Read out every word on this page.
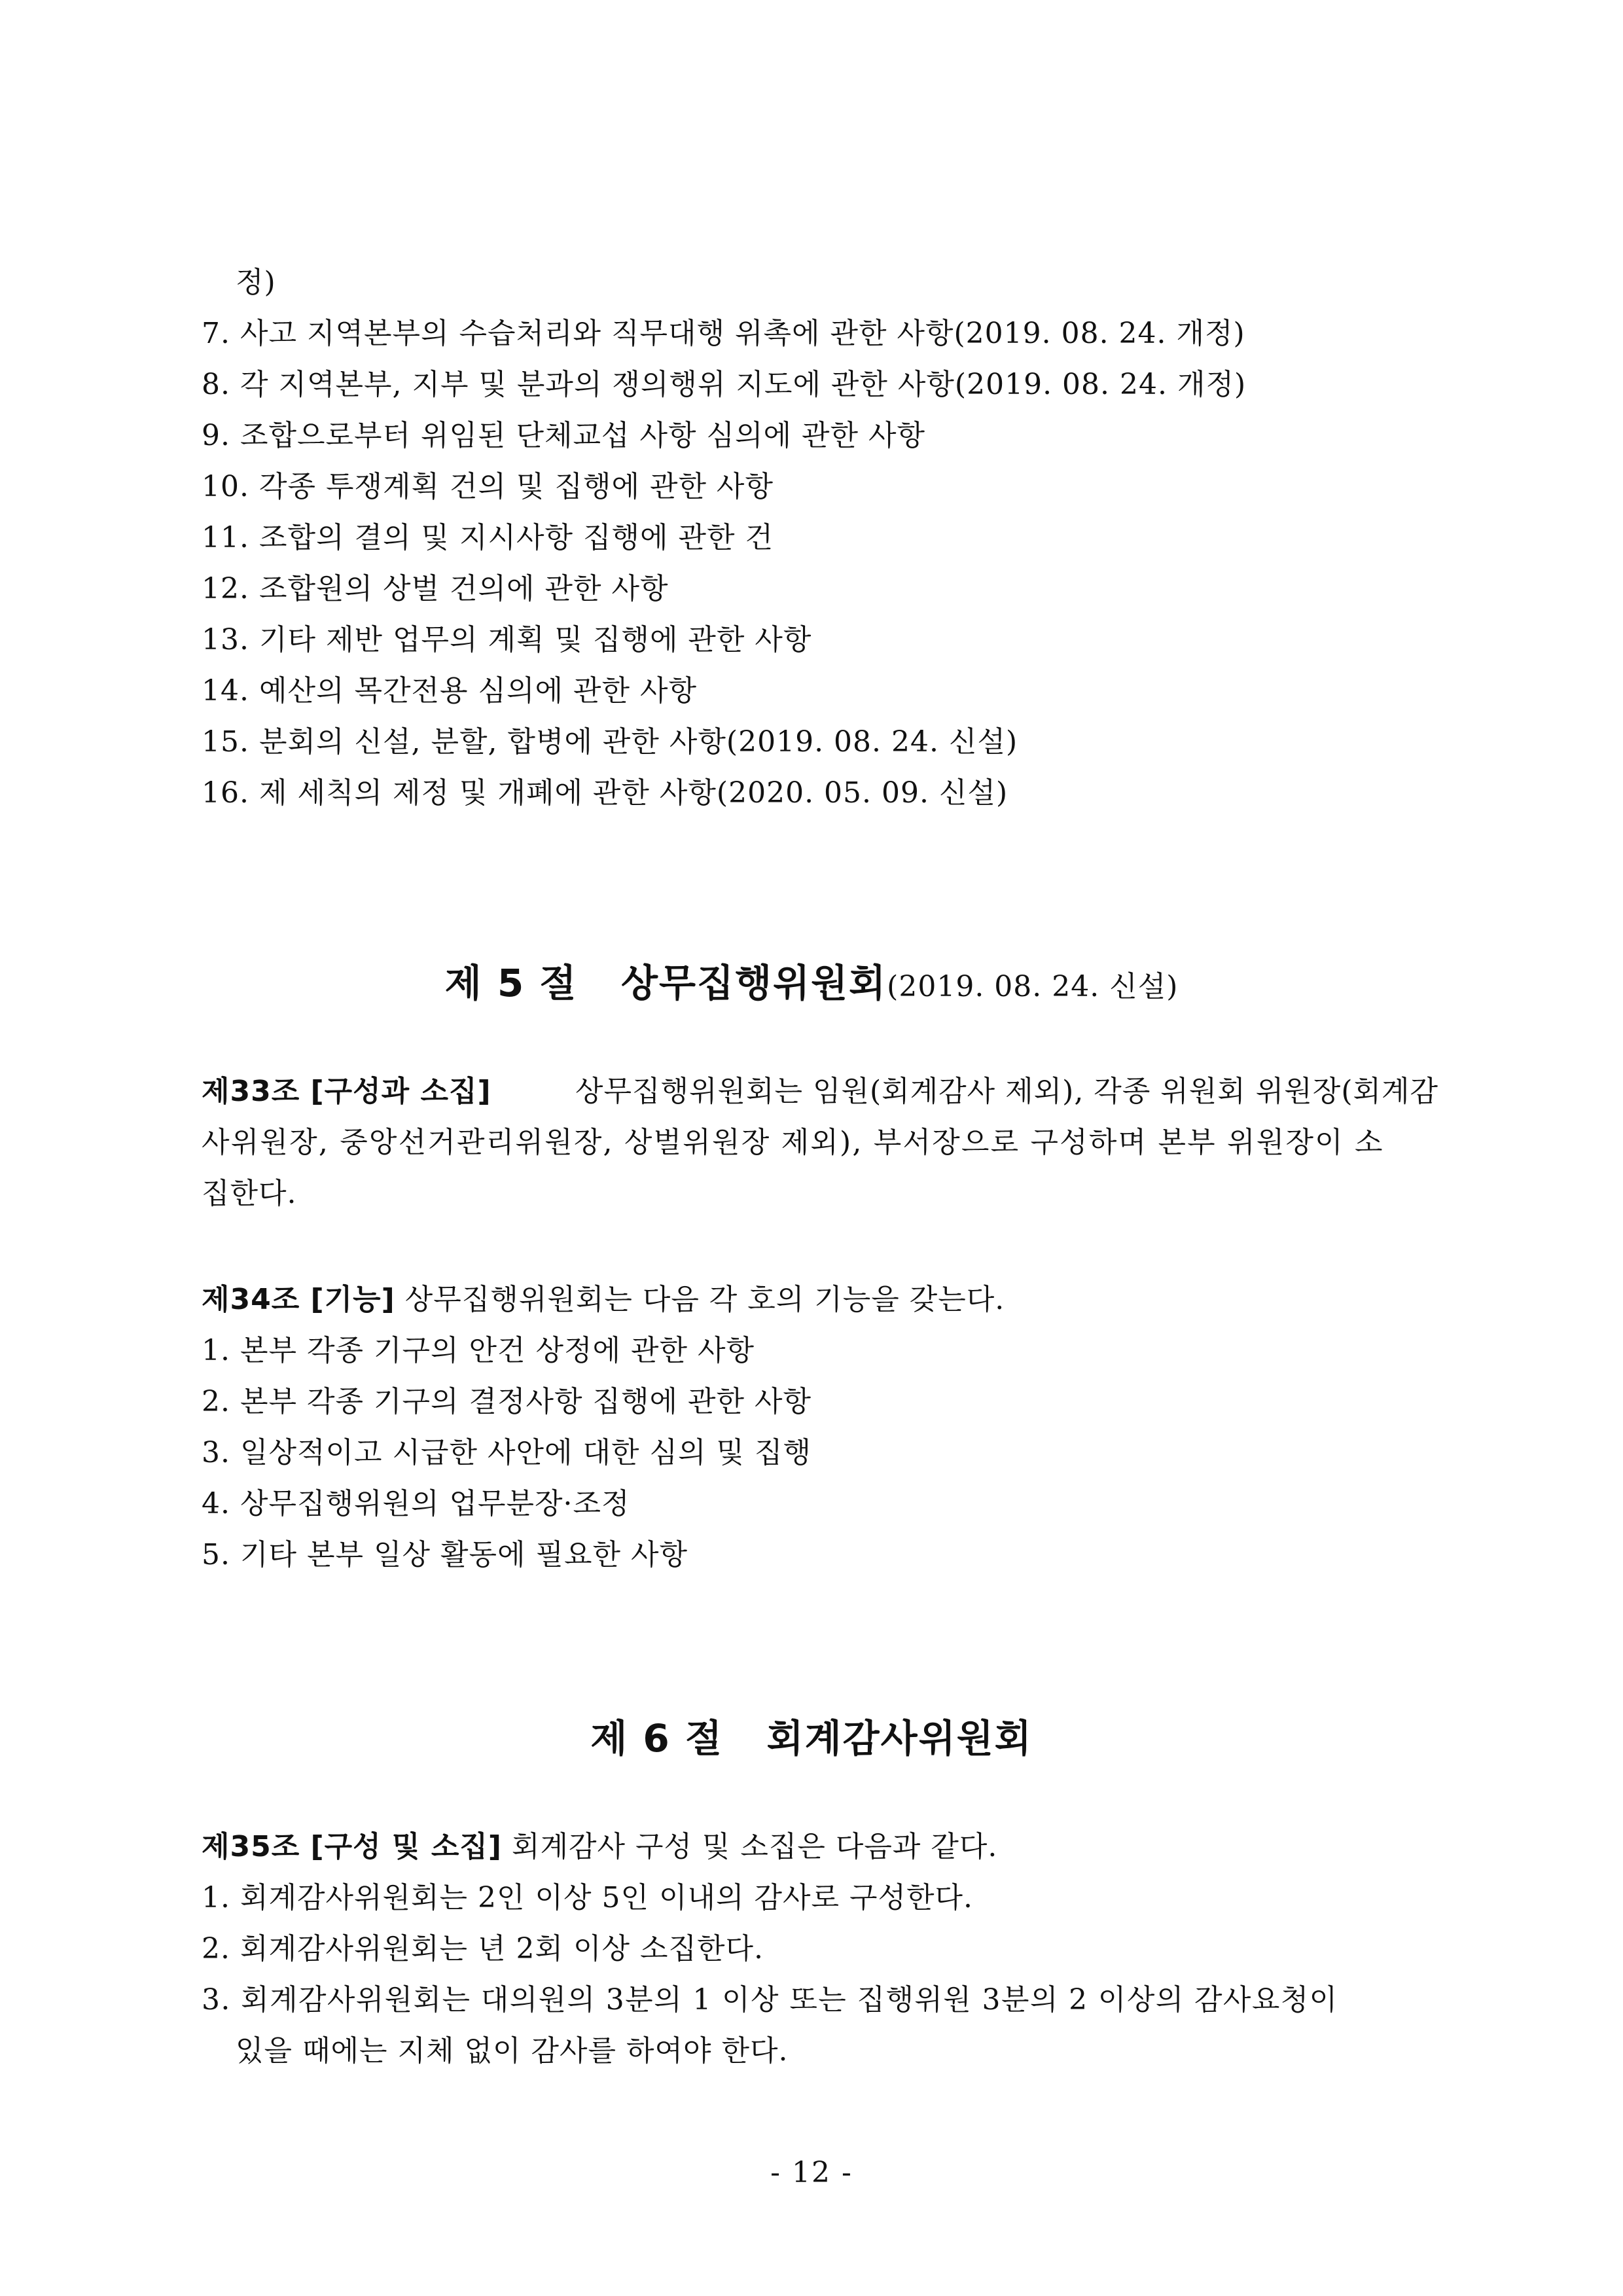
정)
7. 사고 지역본부의 수습처리와 직무대행 위촉에 관한 사항(2019. 08. 24. 개정)
8. 각 지역본부, 지부 및 분과의 쟁의행위 지도에 관한 사항(2019. 08. 24. 개정)
9. 조합으로부터 위임된 단체교섭 사항 심의에 관한 사항
10. 각종 투쟁계획 건의 및 집행에 관한 사항
11. 조합의 결의 및 지시사항 집행에 관한 건
12. 조합원의 상벌 건의에 관한 사항
13. 기타 제반 업무의 계획 및 집행에 관한 사항
14. 예산의 목간전용 심의에 관한 사항
15. 분회의 신설, 분할, 합병에 관한 사항(2019. 08. 24. 신설)
16. 제 세칙의 제정 및 개폐에 관한 사항(2020. 05. 09. 신설)
제 5 절   상무집행위원회(2019. 08. 24. 신설)
제33조 [구성과 소집]	상무집행위원회는 임원(회계감사 제외), 각종 위원회 위원장(회계감
사위원장, 중앙선거관리위원장, 상벌위원장 제외), 부서장으로 구성하며 본부 위원장이 소
집한다.
제34조 [기능] 상무집행위원회는 다음 각 호의 기능을 갖는다.
1. 본부 각종 기구의 안건 상정에 관한 사항
2. 본부 각종 기구의 결정사항 집행에 관한 사항
3. 일상적이고 시급한 사안에 대한 심의 및 집행
4. 상무집행위원의 업무분장·조정
5. 기타 본부 일상 활동에 필요한 사항
제 6 절   회계감사위원회
제35조 [구성 및 소집] 회계감사 구성 및 소집은 다음과 같다.
1. 회계감사위원회는 2인 이상 5인 이내의 감사로 구성한다.
2. 회계감사위원회는 년 2회 이상 소집한다.
3. 회계감사위원회는 대의원의 3분의 1 이상 또는 집행위원 3분의 2 이상의 감사요청이
있을 때에는 지체 없이 감사를 하여야 한다.
- 12 -
